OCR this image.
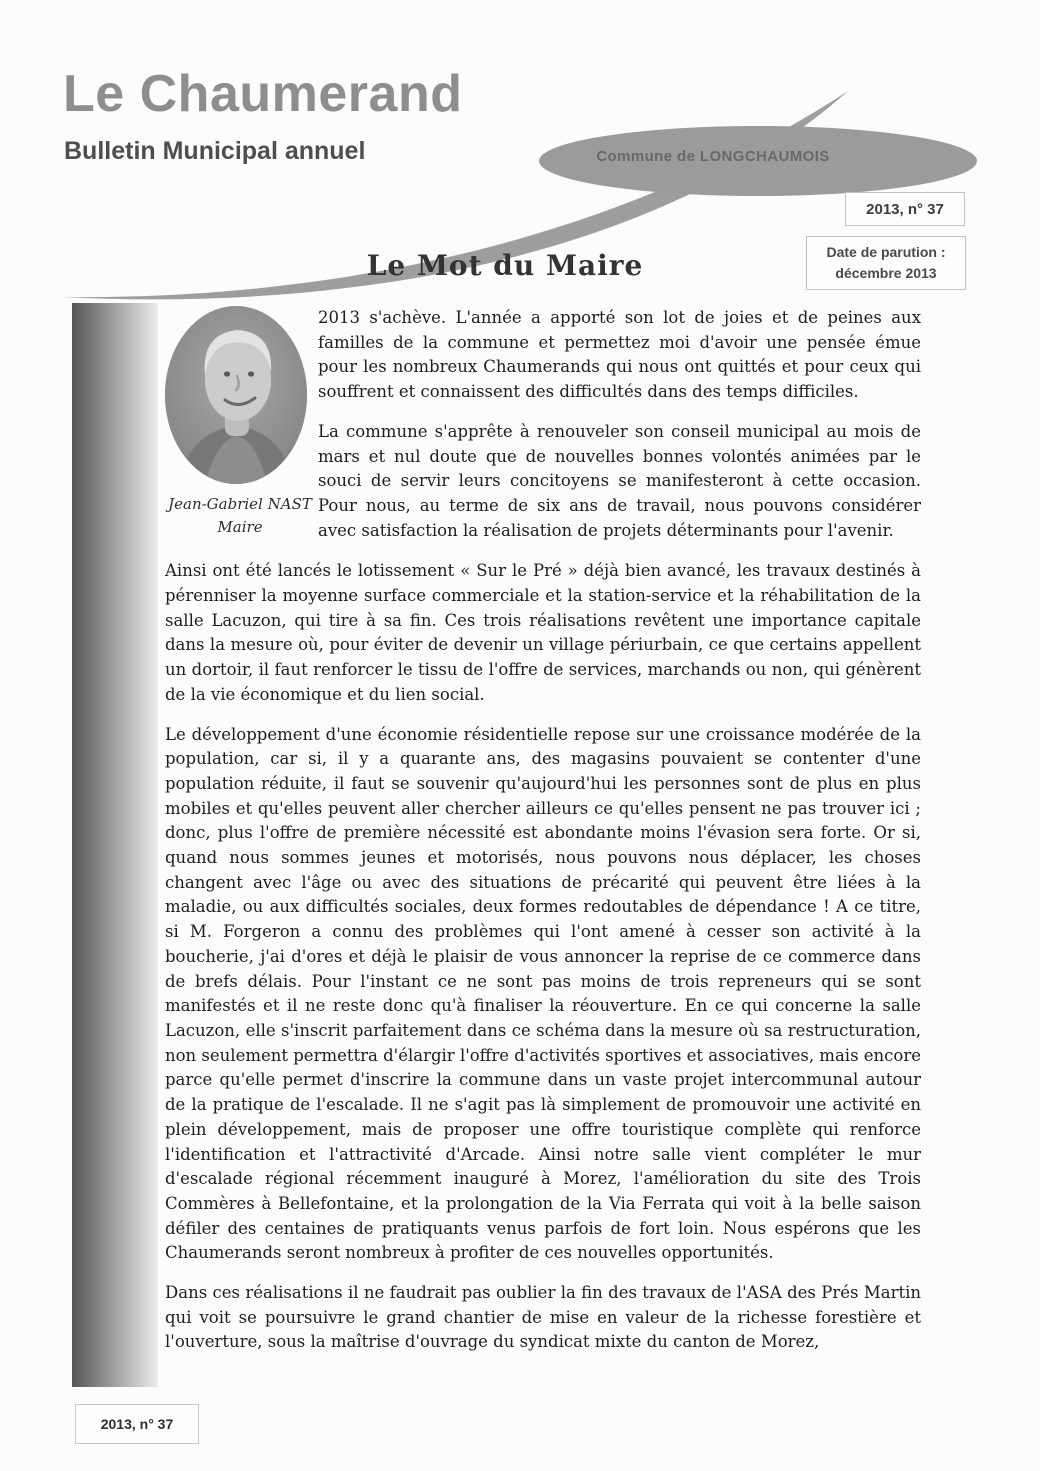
Le Chaumerand
Bulletin Municipal annuel	Commune de LONGCHAUMOIS
2013, n° 37
Date de parution :
décembre 2013
Le Mot du Maire
Jean-Gabriel NAST
Maire

2013 s'achève. L'année a apporté son lot de joies et de peines aux familles de la commune et permettez moi d'avoir une pensée émue pour les nombreux Chaumerands qui nous ont quittés et pour ceux qui souffrent et connaissent des difficultés dans des temps difficiles.

La commune s'apprête à renouveler son conseil municipal au mois de mars et nul doute que de nouvelles bonnes volontés animées par le souci de servir leurs concitoyens se manifesteront à cette occasion. Pour nous, au terme de six ans de travail, nous pouvons considérer avec satisfaction la réalisation de projets déterminants pour l'avenir.

Ainsi ont été lancés le lotissement « Sur le Pré » déjà bien avancé, les travaux destinés à pérenniser la moyenne surface commerciale et la station-service et la réhabilitation de la salle Lacuzon, qui tire à sa fin. Ces trois réalisations revêtent une importance capitale dans la mesure où, pour éviter de devenir un village périurbain, ce que certains appellent un dortoir, il faut renforcer le tissu de l'offre de services, marchands ou non, qui génèrent de la vie économique et du lien social.

Le développement d'une économie résidentielle repose sur une croissance modérée de la population, car si, il y a quarante ans, des magasins pouvaient se contenter d'une population réduite, il faut se souvenir qu'aujourd'hui les personnes sont de plus en plus mobiles et qu'elles peuvent aller chercher ailleurs ce qu'elles pensent ne pas trouver ici ; donc, plus l'offre de première nécessité est abondante moins l'évasion sera forte. Or si, quand nous sommes jeunes et motorisés, nous pouvons nous déplacer, les choses changent avec l'âge ou avec des situations de précarité qui peuvent être liées à la maladie, ou aux difficultés sociales, deux formes redoutables de dépendance ! A ce titre, si M. Forgeron a connu des problèmes qui l'ont amené à cesser son activité à la boucherie, j'ai d'ores et déjà le plaisir de vous annoncer la reprise de ce commerce dans de brefs délais. Pour l'instant ce ne sont pas moins de trois repreneurs qui se sont manifestés et il ne reste donc qu'à finaliser la réouverture. En ce qui concerne la salle Lacuzon, elle s'inscrit parfaitement dans ce schéma dans la mesure où sa restructuration, non seulement permettra d'élargir l'offre d'activités sportives et associatives, mais encore parce qu'elle permet d'inscrire la commune dans un vaste projet intercommunal autour de la pratique de l'escalade. Il ne s'agit pas là simplement de promouvoir une activité en plein développement, mais de proposer une offre touristique complète qui renforce l'identification et l'attractivité d'Arcade. Ainsi notre salle vient compléter le mur d'escalade régional récemment inauguré à Morez, l'amélioration du site des Trois Commères à Bellefontaine, et la prolongation de la Via Ferrata qui voit à la belle saison défiler des centaines de pratiquants venus parfois de fort loin. Nous espérons que les Chaumerands seront nombreux à profiter de ces nouvelles opportunités.

Dans ces réalisations il ne faudrait pas oublier la fin des travaux de l'ASA des Prés Martin qui voit se poursuivre le grand chantier de mise en valeur de la richesse forestière et l'ouverture, sous la maîtrise d'ouvrage du syndicat mixte du canton de Morez,

2013, n° 37
